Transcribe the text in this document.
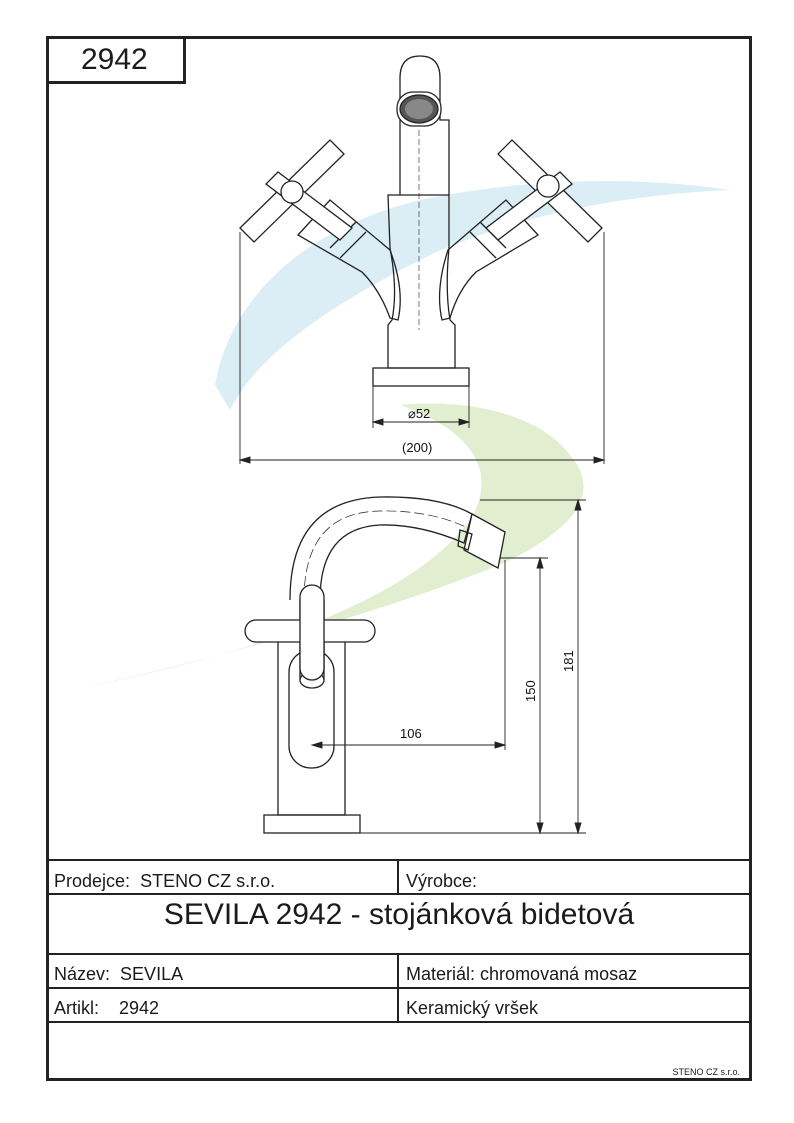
⌀52
(200)
106
150
181
2942
Prodejce: STENO CZ s.r.o.	Výrobce:
SEVILA 2942 - stojánková bidetová
Název: SEVILA	Materiál: chromovaná mosaz
Artikl: 2942	Keramický vršek
STENO CZ s.r.o.
